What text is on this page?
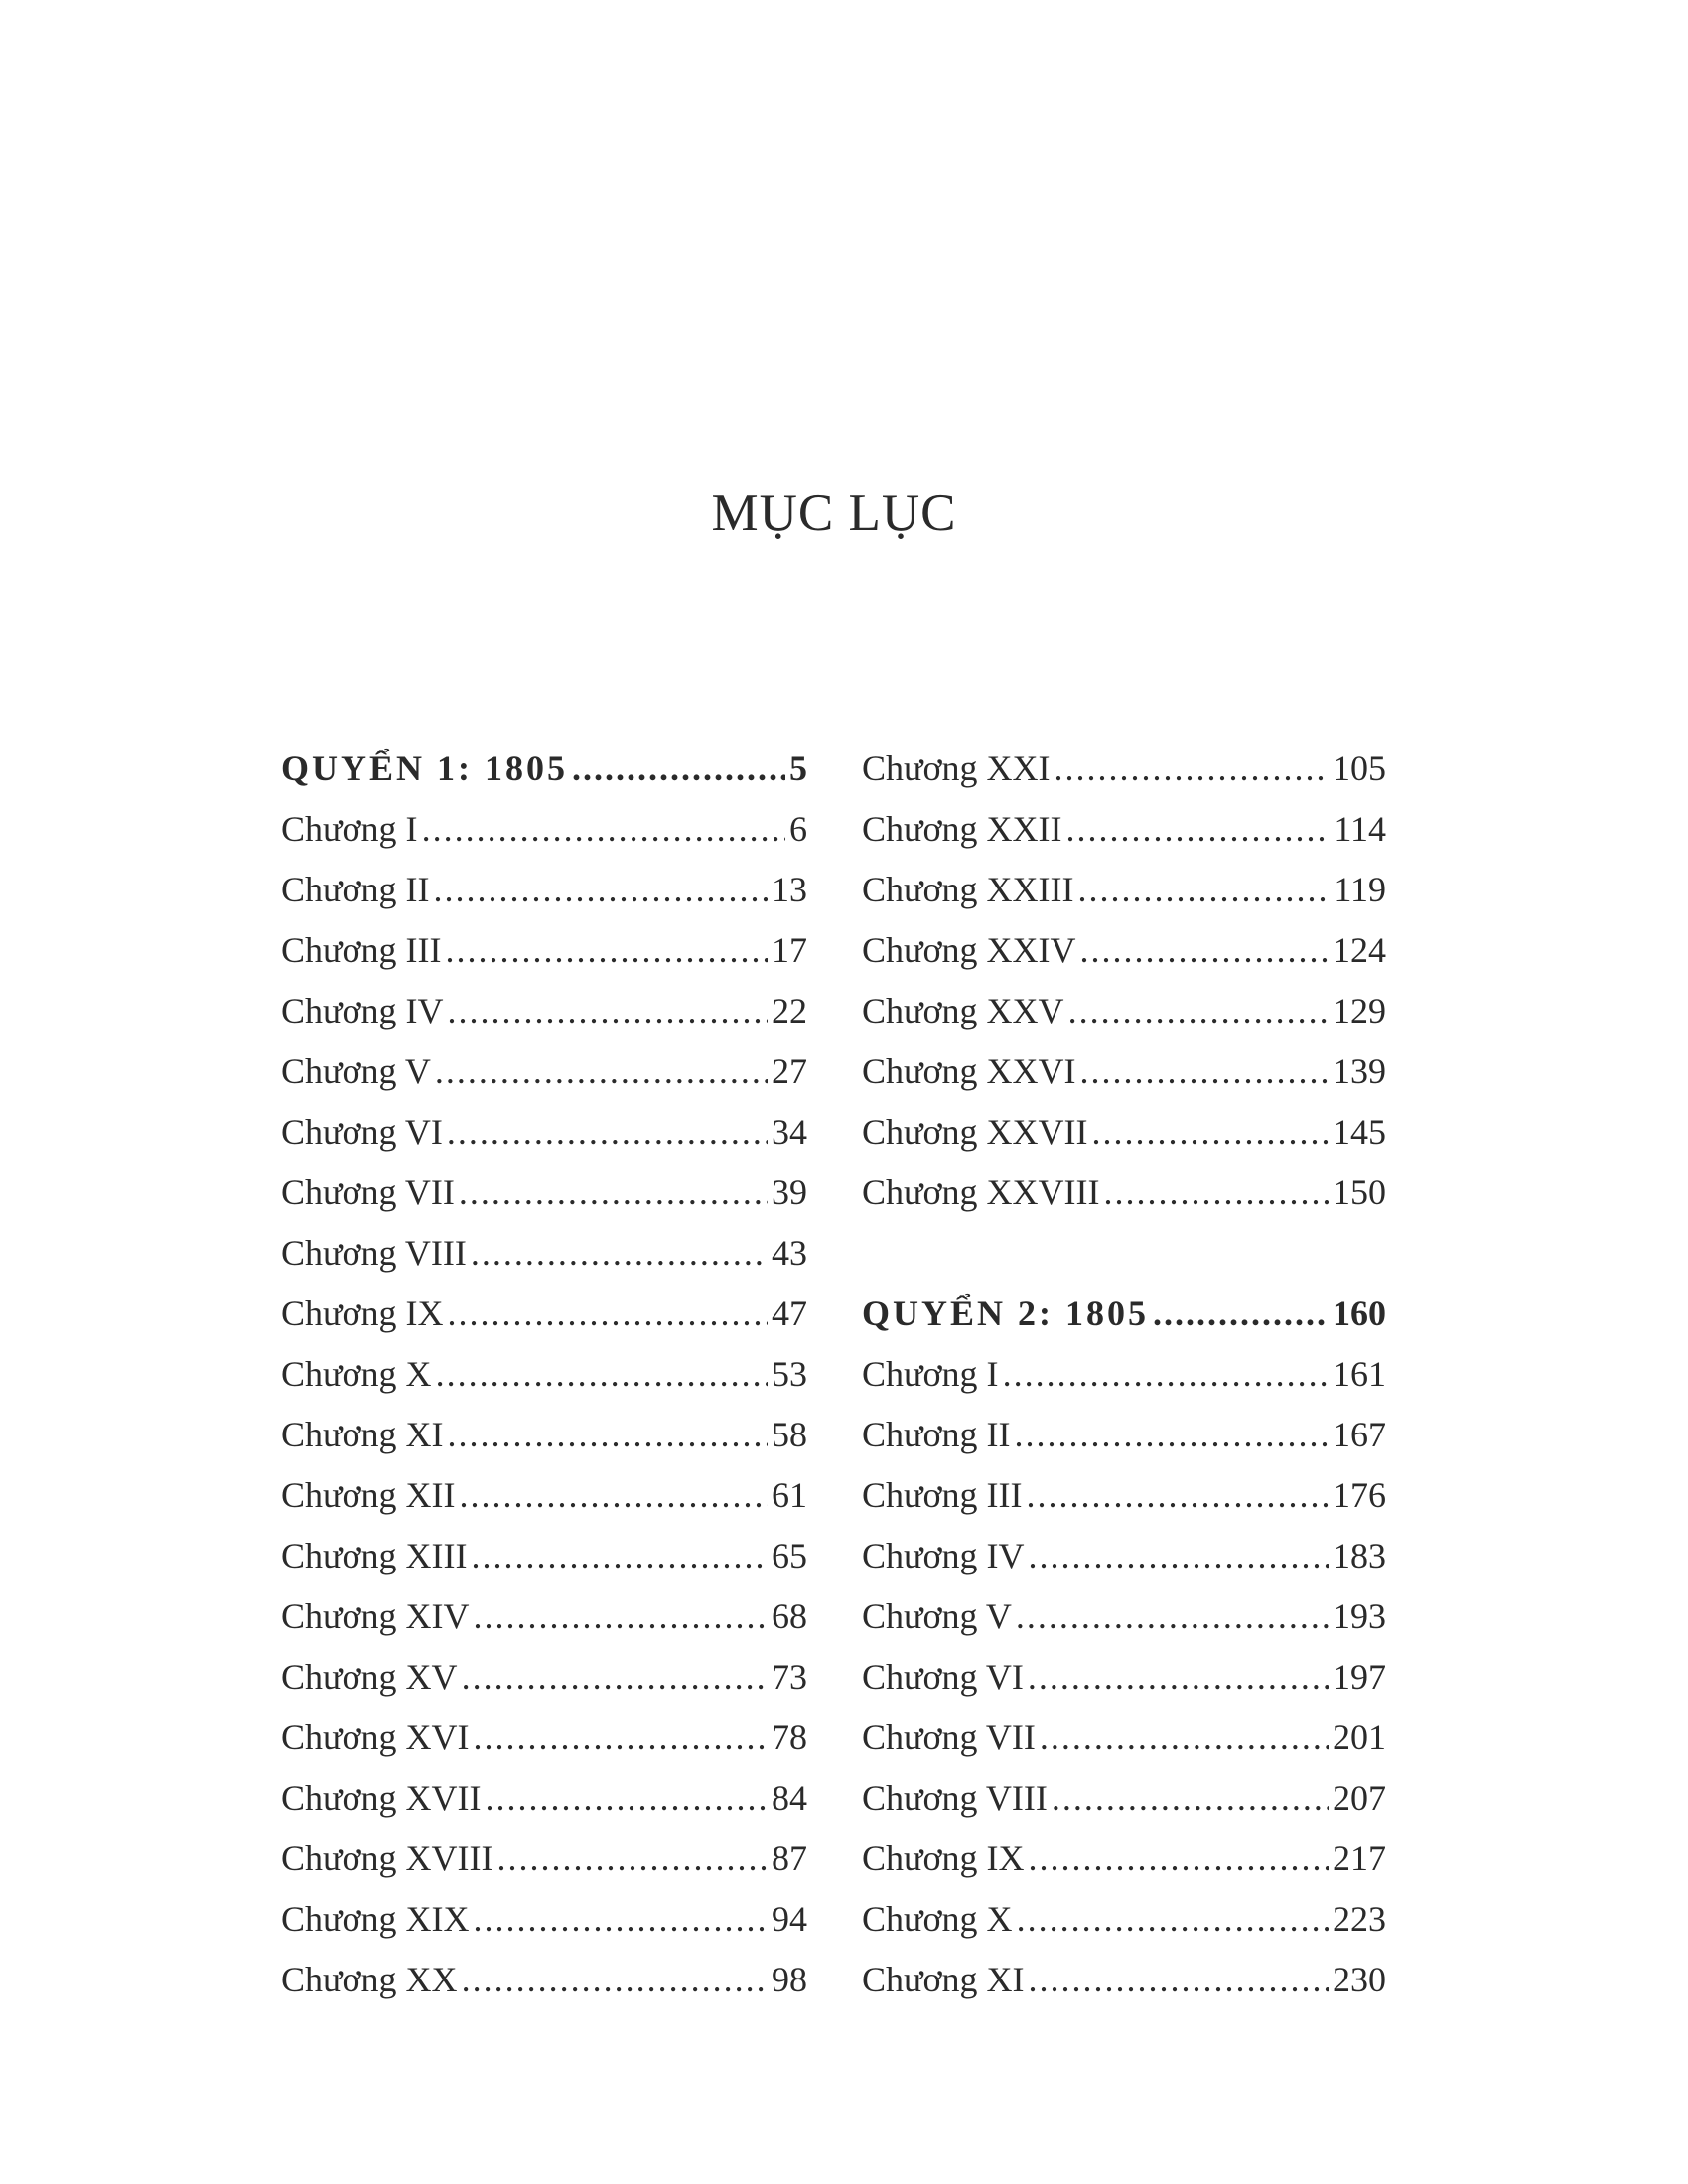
MỤC LỤC
QUYỂN 1: 1805 .....	5
Chương I .....	6
Chương II .....	13
Chương III .....	17
Chương IV .....	22
Chương V .....	27
Chương VI .....	34
Chương VII .....	39
Chương VIII .....	43
Chương IX .....	47
Chương X .....	53
Chương XI .....	58
Chương XII .....	61
Chương XIII .....	65
Chương XIV .....	68
Chương XV .....	73
Chương XVI .....	78
Chương XVII .....	84
Chương XVIII .....	87
Chương XIX .....	94
Chương XX .....	98
Chương XXI .....	105
Chương XXII .....	114
Chương XXIII .....	119
Chương XXIV .....	124
Chương XXV .....	129
Chương XXVI .....	139
Chương XXVII .....	145
Chương XXVIII .....	150
QUYỂN 2: 1805 .....	160
Chương I .....	161
Chương II .....	167
Chương III .....	176
Chương IV .....	183
Chương V .....	193
Chương VI .....	197
Chương VII .....	201
Chương VIII .....	207
Chương IX .....	217
Chương X .....	223
Chương XI .....	230
